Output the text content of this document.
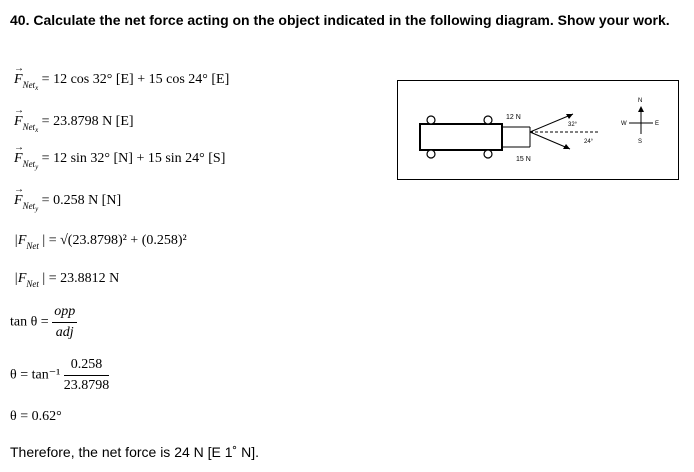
40. Calculate the net force acting on the object indicated in the following diagram. Show your work.
→
$F_{Net_x} = 12$ cos 32° [E] + 15 cos 24° [E]
→
$F_{Net_x} = 23.8798$ N [E]
→
$F_{Net_y} = 12$ sin 32° [N] + 15 sin 24° [S]
→
$F_{Net_y} = 0.258$ N [N]
$|F_{Net}$ | = √(23.8798)² + (0.258)²
$|F_{Net}$ | = 23.8812 N
$\tan \theta = \frac{\text{opp}}{\text{adj}}$
$\theta = \tan^{-1} \frac{0.258}{23.8798}$
θ = 0.62°
Therefore, the net force is 24 N [E 1˚ N].
12 N
15 N
32°
24°
N
S
E
W
